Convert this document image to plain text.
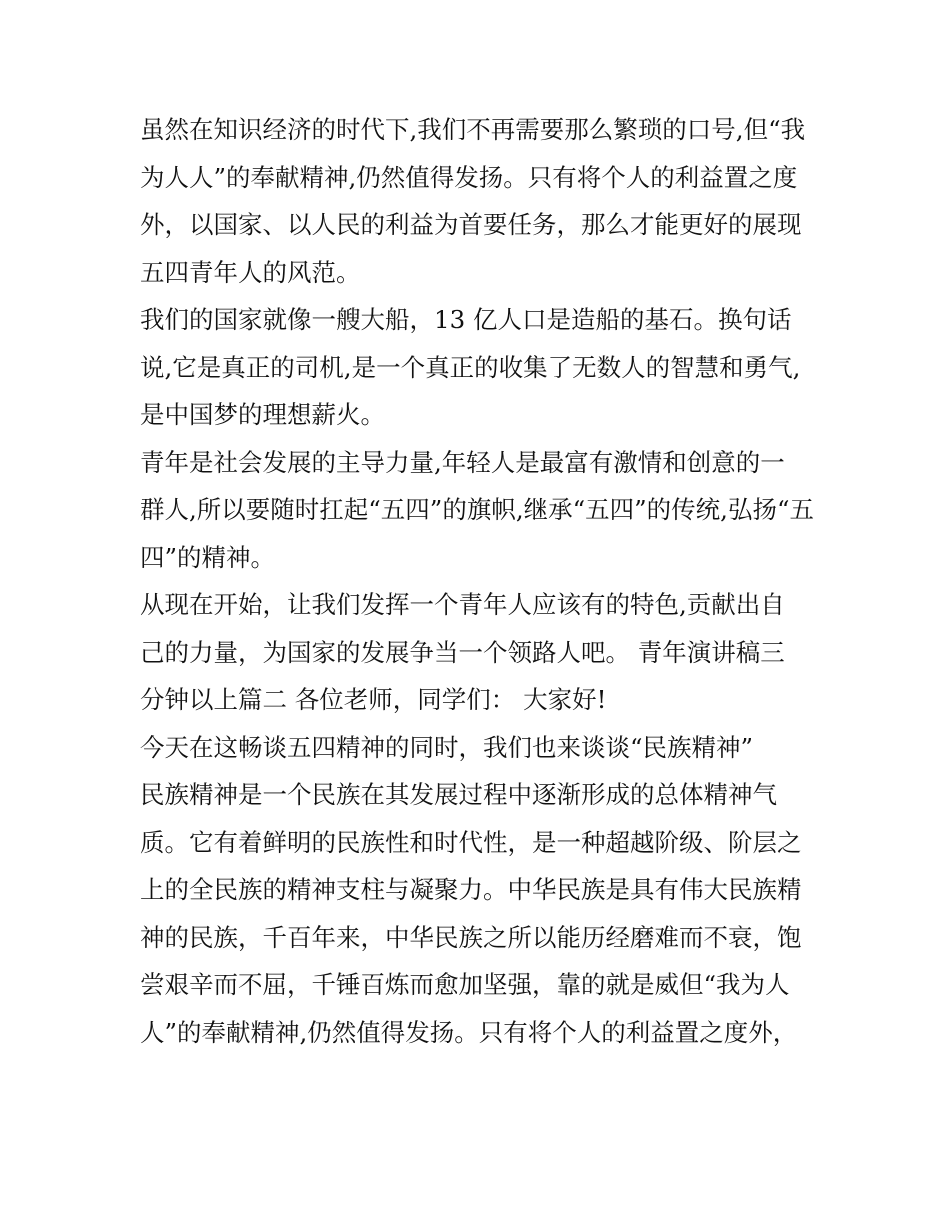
虽然在知识经济的时代下,我们不再需要那么繁琐的口号,但“我
为人人”的奉献精神,仍然值得发扬。只有将个人的利益置之度
外，以国家、以人民的利益为首要任务，那么才能更好的展现
五四青年人的风范。
我们的国家就像一艘大船，13 亿人口是造船的基石。换句话
说,它是真正的司机,是一个真正的收集了无数人的智慧和勇气,
是中国梦的理想薪火。
青年是社会发展的主导力量,年轻人是最富有激情和创意的一
群人,所以要随时扛起“五四”的旗帜,继承“五四”的传统,弘扬“五
四”的精神。
从现在开始，让我们发挥一个青年人应该有的特色,贡献出自
己的力量，为国家的发展争当一个领路人吧。 青年演讲稿三
分钟以上篇二 各位老师，同学们： 大家好!
今天在这畅谈五四精神的同时，我们也来谈谈“民族精神”
民族精神是一个民族在其发展过程中逐渐形成的总体精神气
质。它有着鲜明的民族性和时代性，是一种超越阶级、阶层之
上的全民族的精神支柱与凝聚力。中华民族是具有伟大民族精
神的民族，千百年来，中华民族之所以能历经磨难而不衰，饱
尝艰辛而不屈，千锤百炼而愈加坚强，靠的就是威但“我为人
人”的奉献精神,仍然值得发扬。只有将个人的利益置之度外，
